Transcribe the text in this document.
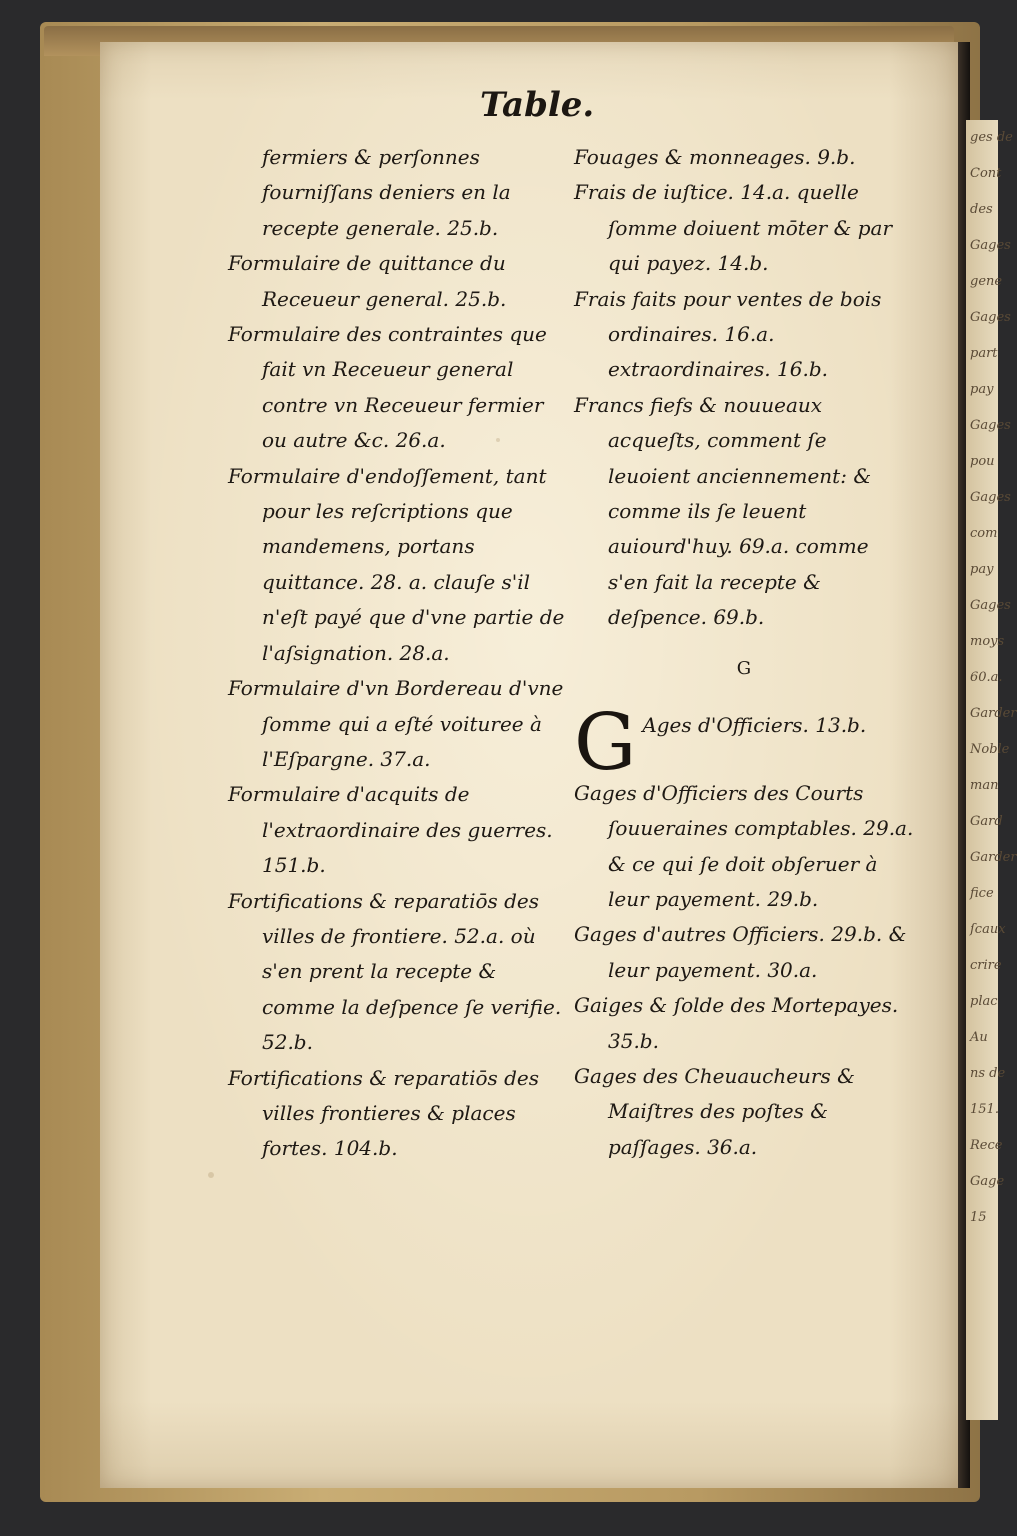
ges de
Cont
des
Gages
gene
Gages
part
pay
Gages
pou
Gages
com
pay
Gages
moys
60.a.
Garder
Noble
man
Gard
Garder
fice
ſcaux
crire
plac
Au
ns de
151.
Rece
Gage
15
Table.

fermiers & perſonnes fourniſſans deniers en la recepte generale. 25.b.

Formulaire de quittance du Receueur general. 25.b.

Formulaire des contraintes que fait vn Receueur general contre vn Receueur fermier ou autre &c. 26.a.

Formulaire d'endoſſement, tant pour les reſcriptions que mandemens, portans quittance. 28. a. clauſe s'il n'eſt payé que d'vne partie de l'aſsignation. 28.a.

Formulaire d'vn Bordereau d'vne ſomme qui a eſté voituree à l'Eſpargne. 37.a.

Formulaire d'acquits de l'extraordinaire des guerres. 151.b.

Fortifications & reparatiōs des villes de frontiere. 52.a. où s'en prent la recepte & comme la deſpence ſe verifie. 52.b.

Fortifications & reparatiōs des villes frontieres & places fortes. 104.b.

Fouages & monneages. 9.b.

Frais de iuſtice. 14.a. quelle ſomme doiuent mōter & par qui payez. 14.b.

Frais faits pour ventes de bois ordinaires. 16.a. extraordinaires. 16.b.

Francs fiefs & nouueaux acqueſts, comment ſe leuoient anciennement: & comme ils ſe leuent auiourd'huy. 69.a. comme s'en fait la recepte & deſpence. 69.b.

G

G Ages d'Officiers. 13.b.

Gages d'Officiers des Courts ſouueraines comptables. 29.a. & ce qui ſe doit obſeruer à leur payement. 29.b.

Gages d'autres Officiers. 29.b. & leur payement. 30.a.

Gaiges & ſolde des Mortepayes. 35.b.

Gages des Cheuaucheurs & Maiſtres des poſtes & paſſages. 36.a.
